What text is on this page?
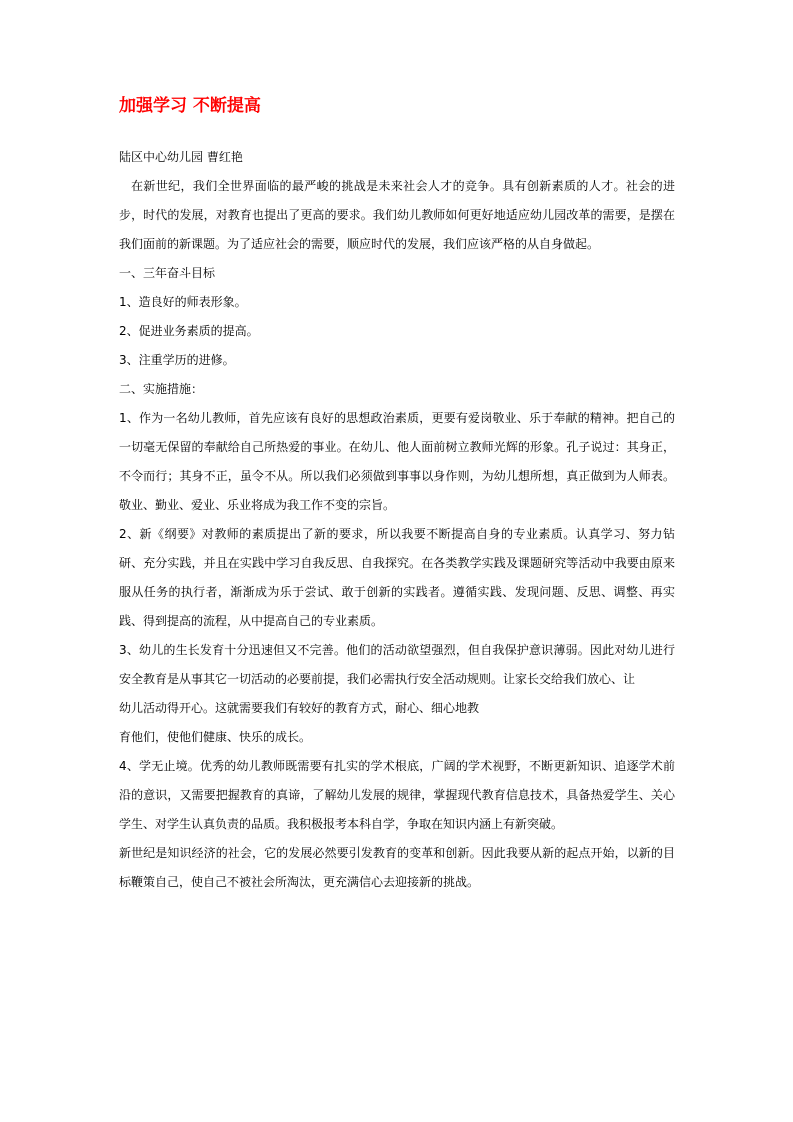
加强学习 不断提高

陆区中心幼儿园 曹红艳

在新世纪，我们全世界面临的最严峻的挑战是未来社会人才的竞争。具有创新素质的人才。社会的进步，时代的发展，对教育也提出了更高的要求。我们幼儿教师如何更好地适应幼儿园改革的需要，是摆在我们面前的新课题。为了适应社会的需要，顺应时代的发展，我们应该严格的从自身做起。

一、三年奋斗目标

1、造良好的师表形象。

2、促进业务素质的提高。

3、注重学历的进修。

二、实施措施：

1、作为一名幼儿教师，首先应该有良好的思想政治素质，更要有爱岗敬业、乐于奉献的精神。把自己的一切毫无保留的奉献给自己所热爱的事业。在幼儿、他人面前树立教师光辉的形象。孔子说过：其身正，不令而行；其身不正，虽令不从。所以我们必须做到事事以身作则，为幼儿想所想，真正做到为人师表。敬业、勤业、爱业、乐业将成为我工作不变的宗旨。

2、新《纲要》对教师的素质提出了新的要求，所以我要不断提高自身的专业素质。认真学习、努力钻研、充分实践，并且在实践中学习自我反思、自我探究。在各类教学实践及课题研究等活动中我要由原来服从任务的执行者，渐渐成为乐于尝试、敢于创新的实践者。遵循实践、发现问题、反思、调整、再实践、得到提高的流程，从中提高自己的专业素质。

3、幼儿的生长发育十分迅速但又不完善。他们的活动欲望强烈，但自我保护意识薄弱。因此对幼儿进行安全教育是从事其它一切活动的必要前提，我们必需执行安全活动规则。让家长交给我们放心、让

幼儿活动得开心。这就需要我们有较好的教育方式，耐心、细心地教

育他们，使他们健康、快乐的成长。

4、学无止境。优秀的幼儿教师既需要有扎实的学术根底，广阔的学术视野，不断更新知识、追逐学术前沿的意识，又需要把握教育的真谛，了解幼儿发展的规律，掌握现代教育信息技术，具备热爱学生、关心学生、对学生认真负责的品质。我积极报考本科自学，争取在知识内涵上有新突破。

新世纪是知识经济的社会，它的发展必然要引发教育的变革和创新。因此我要从新的起点开始，以新的目标鞭策自己，使自己不被社会所淘汰，更充满信心去迎接新的挑战。
